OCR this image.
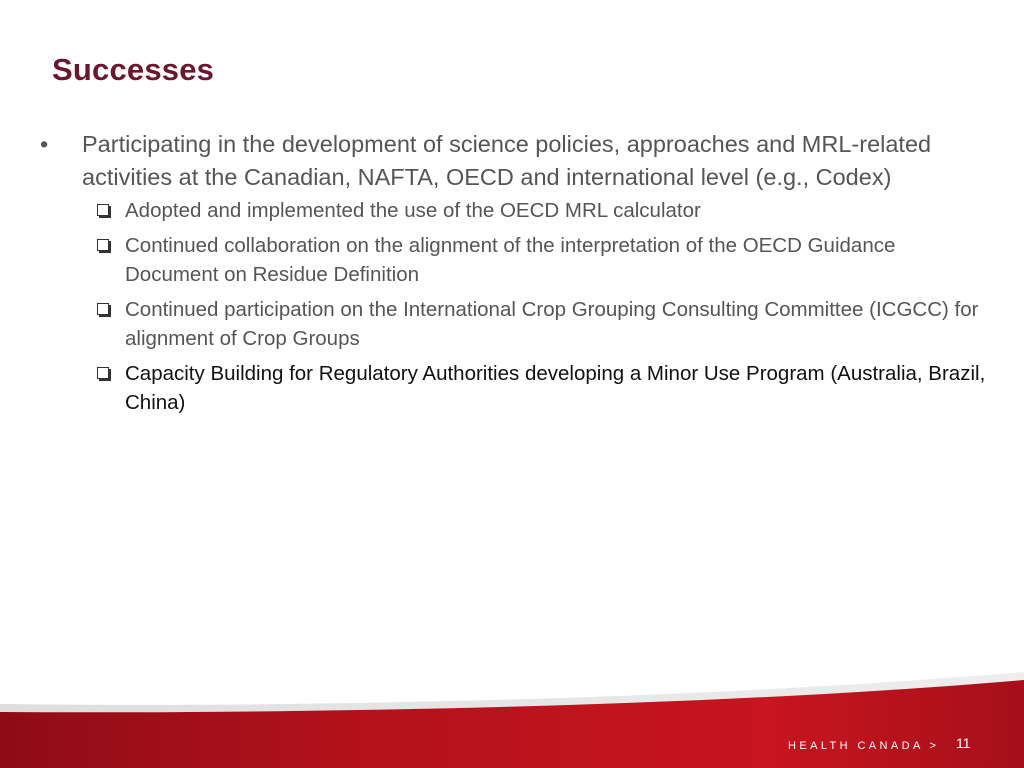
Successes
•	Participating in the development of science policies, approaches and MRL-related activities at the Canadian, NAFTA, OECD and international level (e.g., Codex)
Adopted and implemented the use of the OECD MRL calculator
Continued collaboration on the alignment of the interpretation of the OECD Guidance Document on Residue Definition
Continued participation on the International Crop Grouping Consulting Committee (ICGCC) for alignment of Crop Groups
Capacity Building for Regulatory Authorities developing a Minor Use Program (Australia, Brazil, China)
HEALTH CANADA > 11
